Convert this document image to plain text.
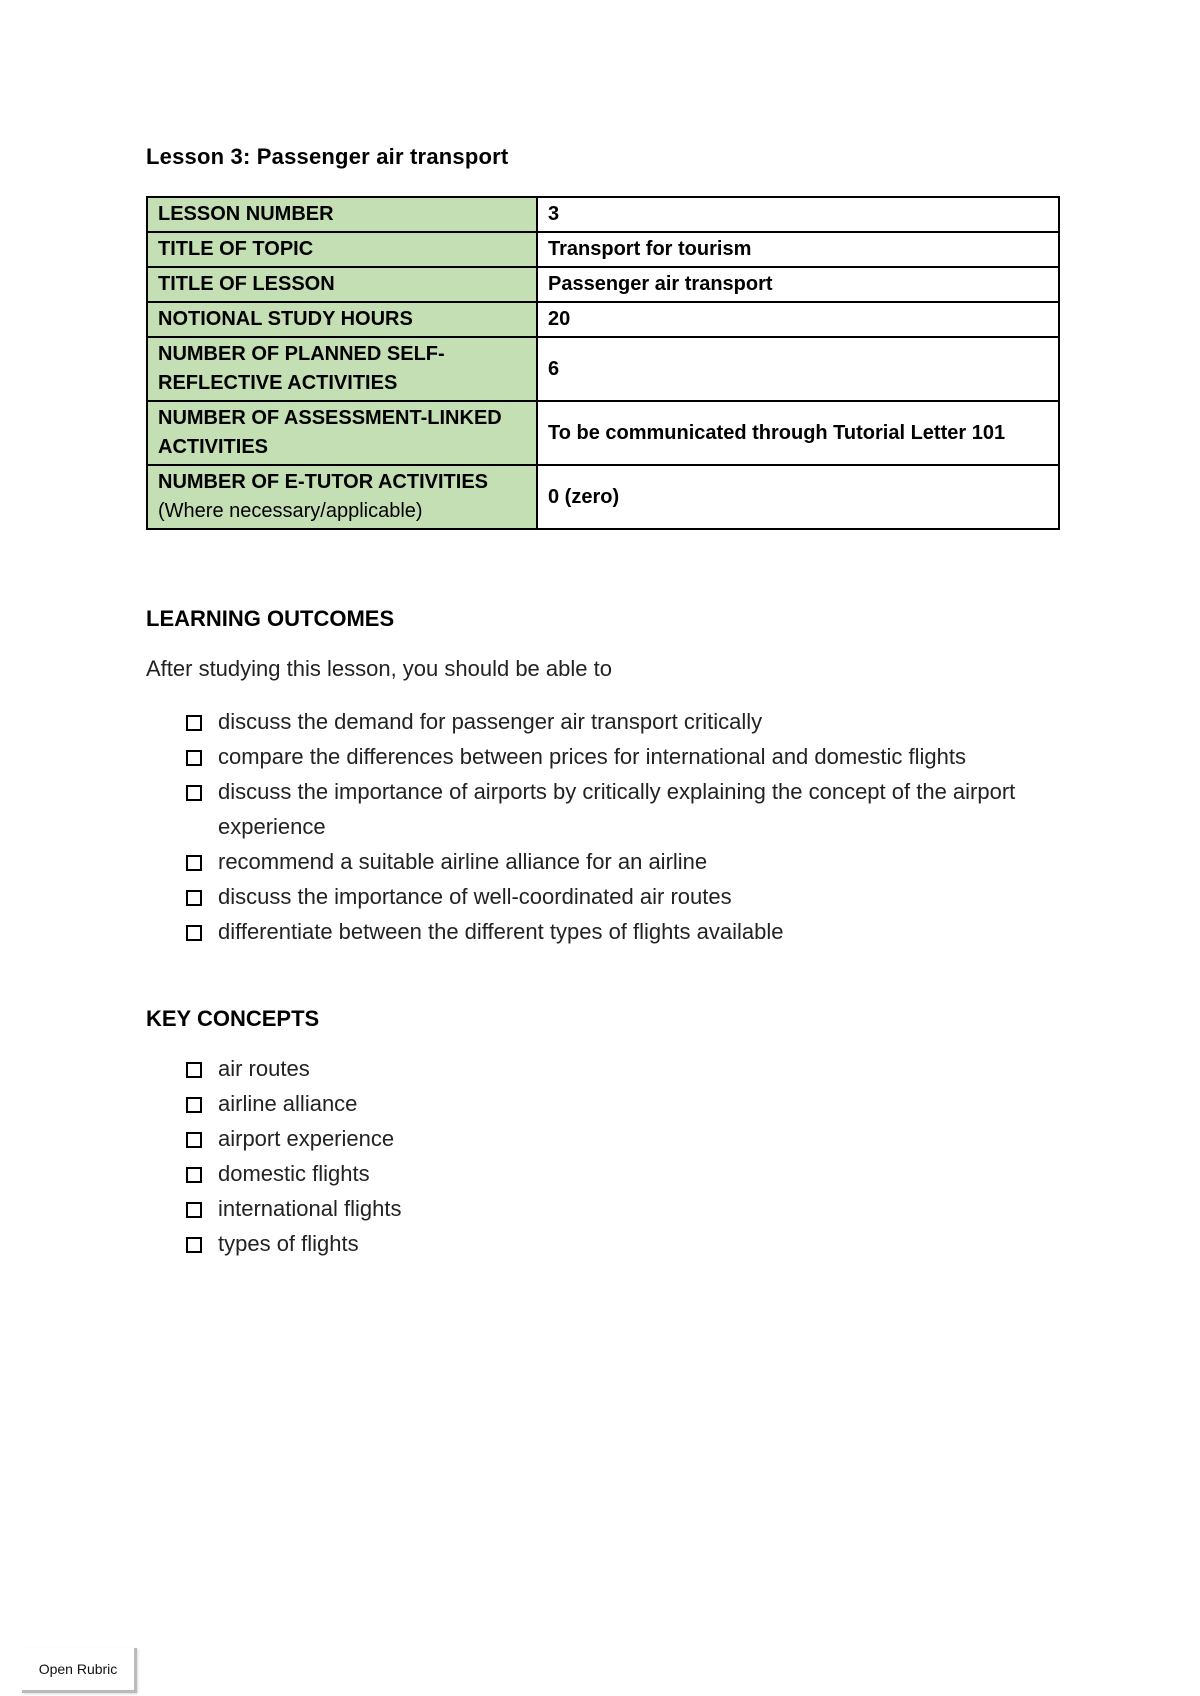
Lesson 3: Passenger air transport
LESSON NUMBER	3
TITLE OF TOPIC	Transport for tourism
TITLE OF LESSON	Passenger air transport
NOTIONAL STUDY HOURS	20
NUMBER OF PLANNED SELF-REFLECTIVE ACTIVITIES	6
NUMBER OF ASSESSMENT-LINKED ACTIVITIES	To be communicated through Tutorial Letter 101

NUMBER OF E-TUTOR ACTIVITIES
(Where necessary/applicable)	0 (zero)
LEARNING OUTCOMES
After studying this lesson, you should be able to
discuss the demand for passenger air transport critically
compare the differences between prices for international and domestic flights
discuss the importance of airports by critically explaining the concept of the airport experience
recommend a suitable airline alliance for an airline
discuss the importance of well-coordinated air routes
differentiate between the different types of flights available
KEY CONCEPTS
air routes
airline alliance
airport experience
domestic flights
international flights
types of flights
Open Rubric
